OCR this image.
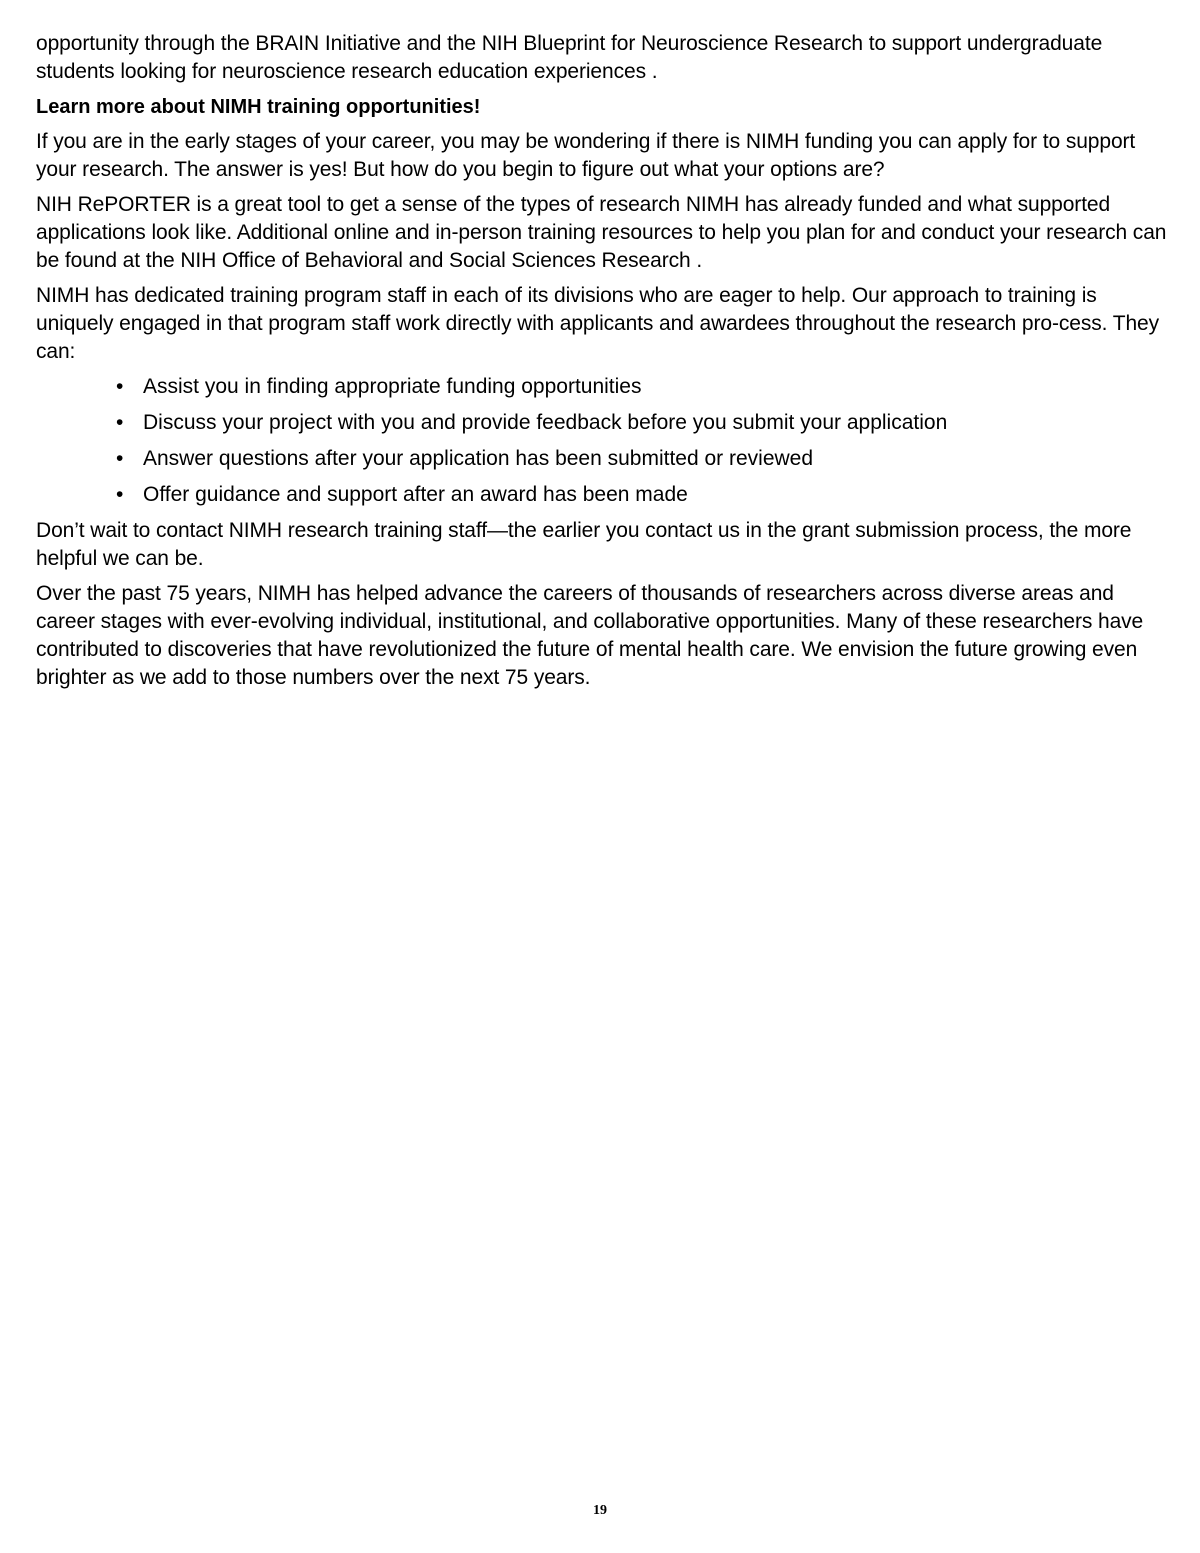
opportunity through the BRAIN Initiative and the NIH Blueprint for Neuroscience Research to support undergraduate students looking for neuroscience research education experiences .

Learn more about NIMH training opportunities!

If you are in the early stages of your career, you may be wondering if there is NIMH funding you can apply for to support your research. The answer is yes! But how do you begin to figure out what your options are?

NIH RePORTER is a great tool to get a sense of the types of research NIMH has already funded and what supported applications look like. Additional online and in-person training resources to help you plan for and conduct your research can be found at the NIH Office of Behavioral and Social Sciences Research .

NIMH has dedicated training program staff in each of its divisions who are eager to help. Our approach to training is uniquely engaged in that program staff work directly with applicants and awardees throughout the research pro-cess. They can:

• Assist you in finding appropriate funding opportunities
• Discuss your project with you and provide feedback before you submit your application
• Answer questions after your application has been submitted or reviewed
• Offer guidance and support after an award has been made

Don’t wait to contact NIMH research training staff—the earlier you contact us in the grant submission process, the more helpful we can be.

Over the past 75 years, NIMH has helped advance the careers of thousands of researchers across diverse areas and career stages with ever-evolving individual, institutional, and collaborative opportunities. Many of these researchers have contributed to discoveries that have revolutionized the future of mental health care. We envision the future growing even brighter as we add to those numbers over the next 75 years.

19
